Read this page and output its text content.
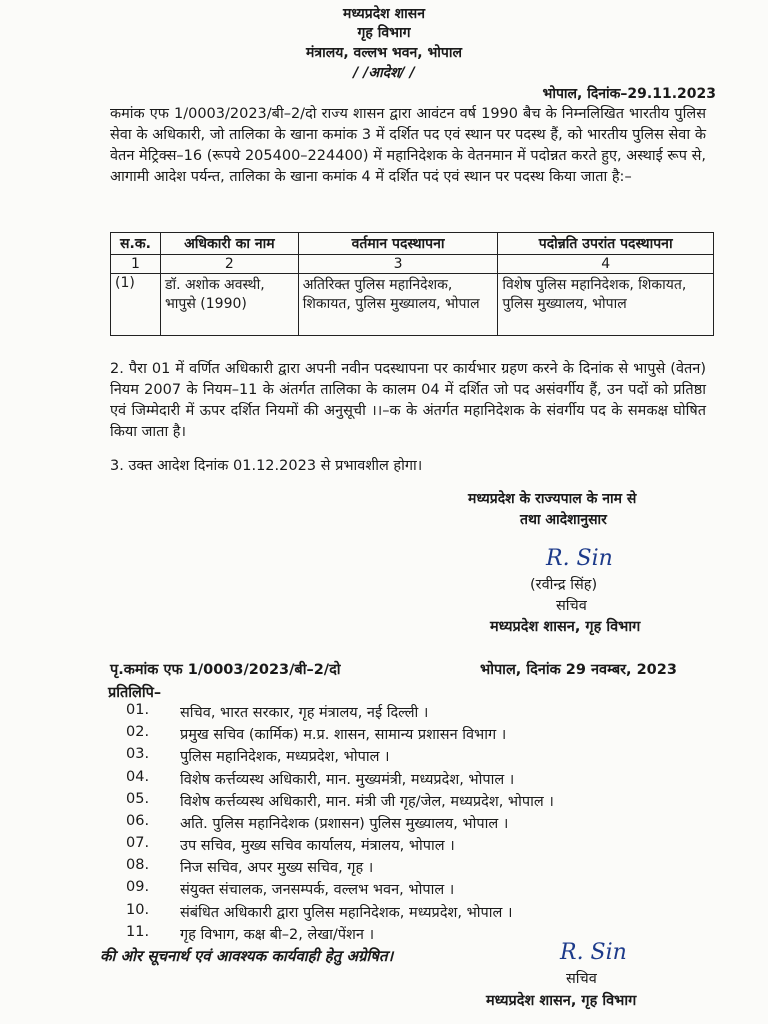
मध्यप्रदेश शासन
गृह विभाग
मंत्रालय, वल्लभ भवन, भोपाल
/ /आदेश/ /
भोपाल, दिनांक–29.11.2023
कमांक एफ 1/0003/2023/बी–2/दो राज्य शासन द्वारा आवंटन वर्ष 1990 बैच के निम्नलिखित भारतीय पुलिस सेवा के अधिकारी, जो तालिका के खाना कमांक 3 में दर्शित पद एवं स्थान पर पदस्थ हैं, को भारतीय पुलिस सेवा के वेतन मेट्रिक्स–16 (रूपये 205400–224400) में महानिदेशक के वेतनमान में पदोन्नत करते हुए, अस्थाई रूप से, आगामी आदेश पर्यन्त, तालिका के खाना कमांक 4 में दर्शित पदं एवं स्थान पर पदस्थ किया जाता है:–
स.क.	अधिकारी का नाम	वर्तमान पदस्थापना	पदोन्नति उपरांत पदस्थापना
1	2	3	4
(1)	डॉ. अशोक अवस्थी, भापुसे (1990)	अतिरिक्त पुलिस महानिदेशक, शिकायत, पुलिस मुख्यालय, भोपाल	विशेष पुलिस महानिदेशक, शिकायत, पुलिस मुख्यालय, भोपाल
2. पैरा 01 में वर्णित अधिकारी द्वारा अपनी नवीन पदस्थापना पर कार्यभार ग्रहण करने के दिनांक से भापुसे (वेतन) नियम 2007 के नियम–11 के अंतर्गत तालिका के कालम 04 में दर्शित जो पद असंवर्गीय हैं, उन पदों को प्रतिष्ठा एवं जिम्मेदारी में ऊपर दर्शित नियमों की अनुसूची ।।–क के अंतर्गत महानिदेशक के संवर्गीय पद के समकक्ष घोषित किया जाता है।
3. उक्त आदेश दिनांक 01.12.2023 से प्रभावशील होगा।
मध्यप्रदेश के राज्यपाल के नाम से
तथा आदेशानुसार
R. Sin
(रवीन्द्र सिंह)
सचिव
मध्यप्रदेश शासन, गृह विभाग
पृ.कमांक एफ 1/0003/2023/बी–2/दो	भोपाल, दिनांक 29 नवम्बर, 2023
प्रतिलिपि–
01. सचिव, भारत सरकार, गृह मंत्रालय, नई दिल्ली ।
02. प्रमुख सचिव (कार्मिक) म.प्र. शासन, सामान्य प्रशासन विभाग ।
03. पुलिस महानिदेशक, मध्यप्रदेश, भोपाल ।
04. विशेष कर्त्तव्यस्थ अधिकारी, मान. मुख्यमंत्री, मध्यप्रदेश, भोपाल ।
05. विशेष कर्त्तव्यस्थ अधिकारी, मान. मंत्री जी गृह/जेल, मध्यप्रदेश, भोपाल ।
06. अति. पुलिस महानिदेशक (प्रशासन) पुलिस मुख्यालय, भोपाल ।
07. उप सचिव, मुख्य सचिव कार्यालय, मंत्रालय, भोपाल ।
08. निज सचिव, अपर मुख्य सचिव, गृह ।
09. संयुक्त संचालक, जनसम्पर्क, वल्लभ भवन, भोपाल ।
10. संबंधित अधिकारी द्वारा पुलिस महानिदेशक, मध्यप्रदेश, भोपाल ।
11. गृह विभाग, कक्ष बी–2, लेखा/पेंशन ।
की ओर सूचनार्थ एवं आवश्यक कार्यवाही हेतु अग्रेषित।	R. Sin
सचिव
मध्यप्रदेश शासन, गृह विभाग
